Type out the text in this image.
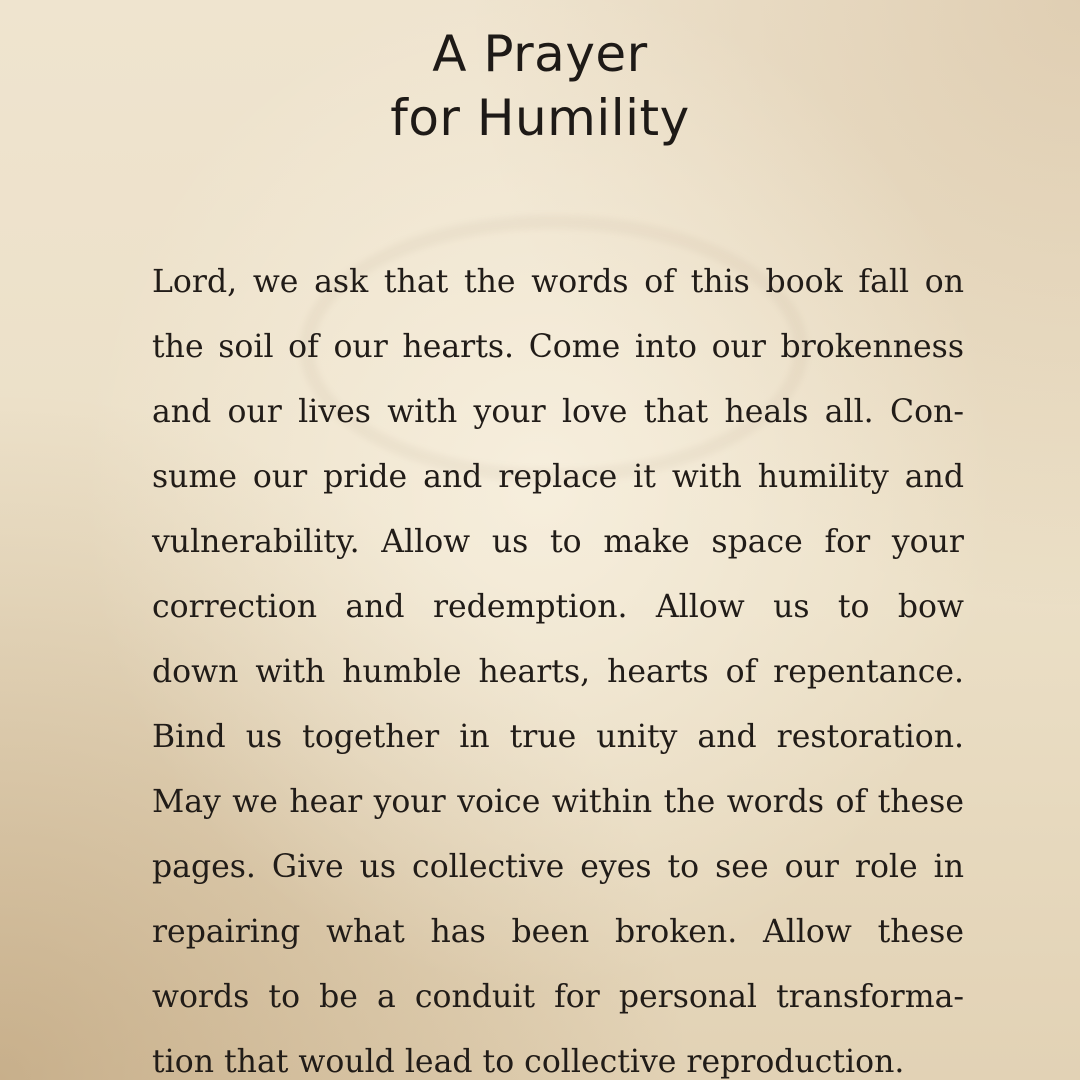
A Prayer
for Humility
Lord, we ask that the words of this book fall on
the soil of our hearts. Come into our brokenness
and our lives with your love that heals all. Con-
sume our pride and replace it with humility and
vulnerability. Allow us to make space for your
correction and redemption. Allow us to bow
down with humble hearts, hearts of repentance.
Bind us together in true unity and restoration.
May we hear your voice within the words of these
pages. Give us collective eyes to see our role in
repairing what has been broken. Allow these
words to be a conduit for personal transforma-
tion that would lead to collective reproduction.
